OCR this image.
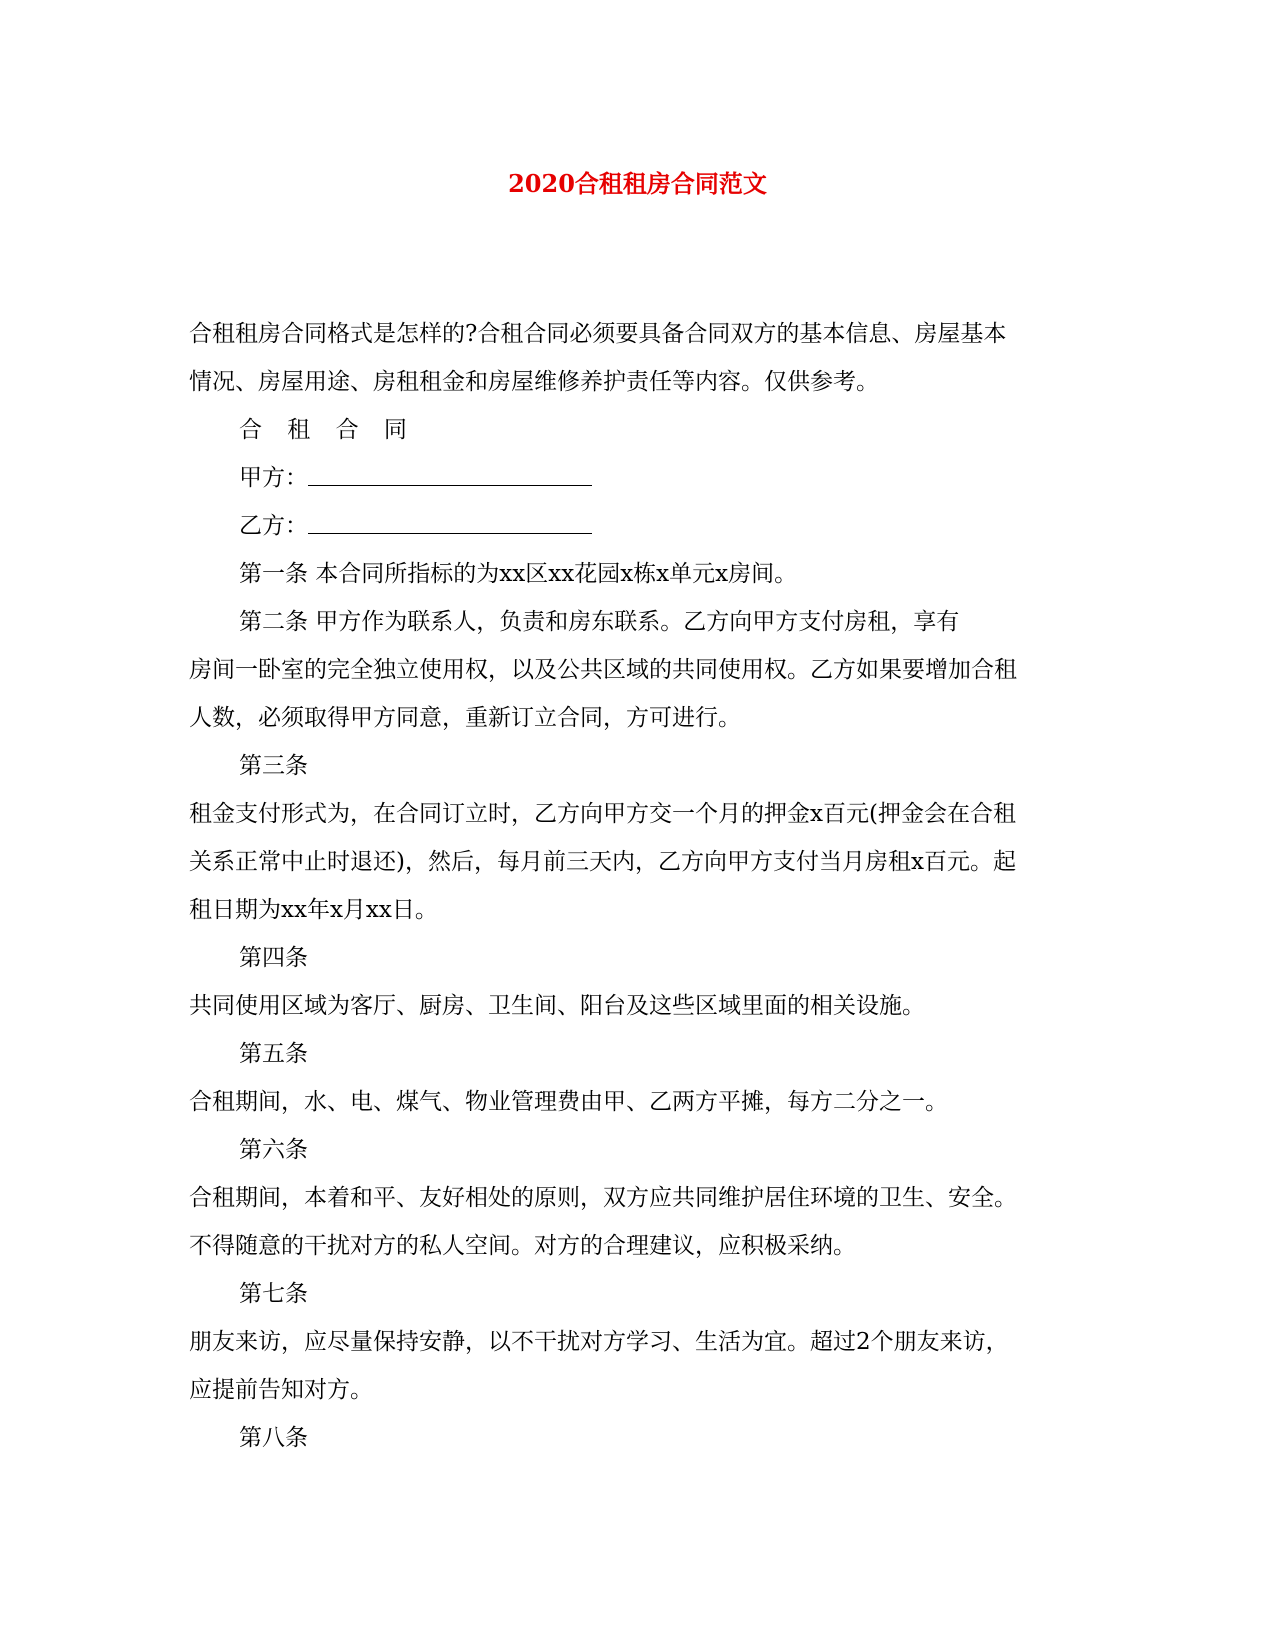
2020合租租房合同范文

合租租房合同格式是怎样的?合租合同必须要具备合同双方的基本信息、房屋基本

情况、房屋用途、房租租金和房屋维修养护责任等内容。仅供参考。

合 租 合 同

甲方：

乙方：

第一条 本合同所指标的为xx区xx花园x栋x单元x房间。

第二条 甲方作为联系人，负责和房东联系。乙方向甲方支付房租，享有

房间一卧室的完全独立使用权，以及公共区域的共同使用权。乙方如果要增加合租

人数，必须取得甲方同意，重新订立合同，方可进行。

第三条

租金支付形式为，在合同订立时，乙方向甲方交一个月的押金x百元(押金会在合租

关系正常中止时退还)，然后，每月前三天内，乙方向甲方支付当月房租x百元。起

租日期为xx年x月xx日。

第四条

共同使用区域为客厅、厨房、卫生间、阳台及这些区域里面的相关设施。

第五条

合租期间，水、电、煤气、物业管理费由甲、乙两方平摊，每方二分之一。

第六条

合租期间，本着和平、友好相处的原则，双方应共同维护居住环境的卫生、安全。

不得随意的干扰对方的私人空间。对方的合理建议，应积极采纳。

第七条

朋友来访，应尽量保持安静，以不干扰对方学习、生活为宜。超过2个朋友来访，

应提前告知对方。

第八条
